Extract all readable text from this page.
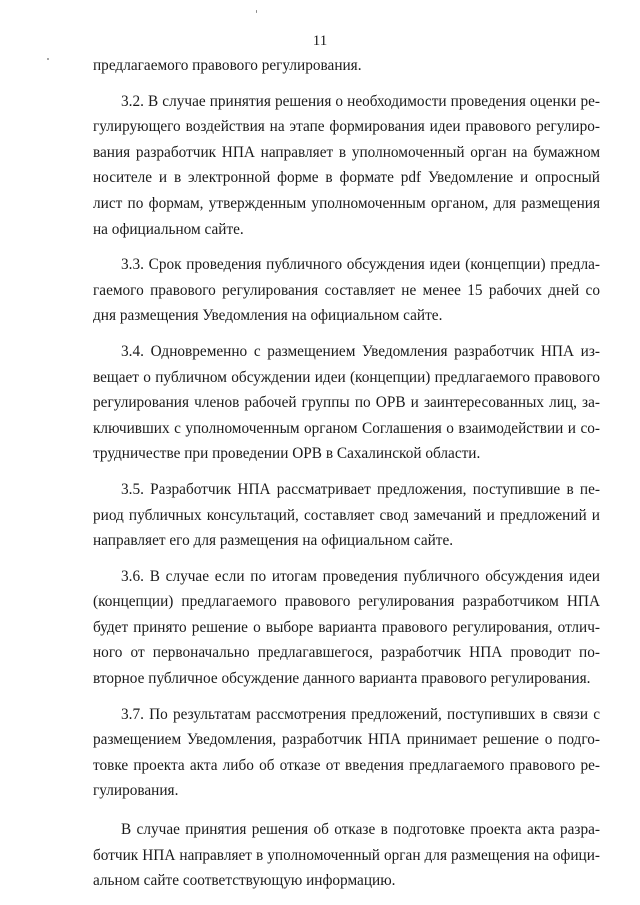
11

предлагаемого правового регулирования.

3.2. В случае принятия решения о необходимости проведения оценки регулирующего воздействия на этапе формирования идеи правового регулирования разработчик НПА направляет в уполномоченный орган на бумажном носителе и в электронной форме в формате pdf Уведомление и опросный лист по формам, утвержденным уполномоченным органом, для размещения на официальном сайте.

3.3. Срок проведения публичного обсуждения идеи (концепции) предлагаемого правового регулирования составляет не менее 15 рабочих дней со дня размещения Уведомления на официальном сайте.

3.4. Одновременно с размещением Уведомления разработчик НПА извещает о публичном обсуждении идеи (концепции) предлагаемого правового регулирования членов рабочей группы по ОРВ и заинтересованных лиц, заключивших с уполномоченным органом Соглашения о взаимодействии и сотрудничестве при проведении ОРВ в Сахалинской области.

3.5. Разработчик НПА рассматривает предложения, поступившие в период публичных консультаций, составляет свод замечаний и предложений и направляет его для размещения на официальном сайте.

3.6. В случае если по итогам проведения публичного обсуждения идеи (концепции) предлагаемого правового регулирования разработчиком НПА будет принято решение о выборе варианта правового регулирования, отличного от первоначально предлагавшегося, разработчик НПА проводит повторное публичное обсуждение данного варианта правового регулирования.

3.7. По результатам рассмотрения предложений, поступивших в связи с размещением Уведомления, разработчик НПА принимает решение о подготовке проекта акта либо об отказе от введения предлагаемого правового регулирования.

В случае принятия решения об отказе в подготовке проекта акта разработчик НПА направляет в уполномоченный орган для размещения на официальном сайте соответствующую информацию.
